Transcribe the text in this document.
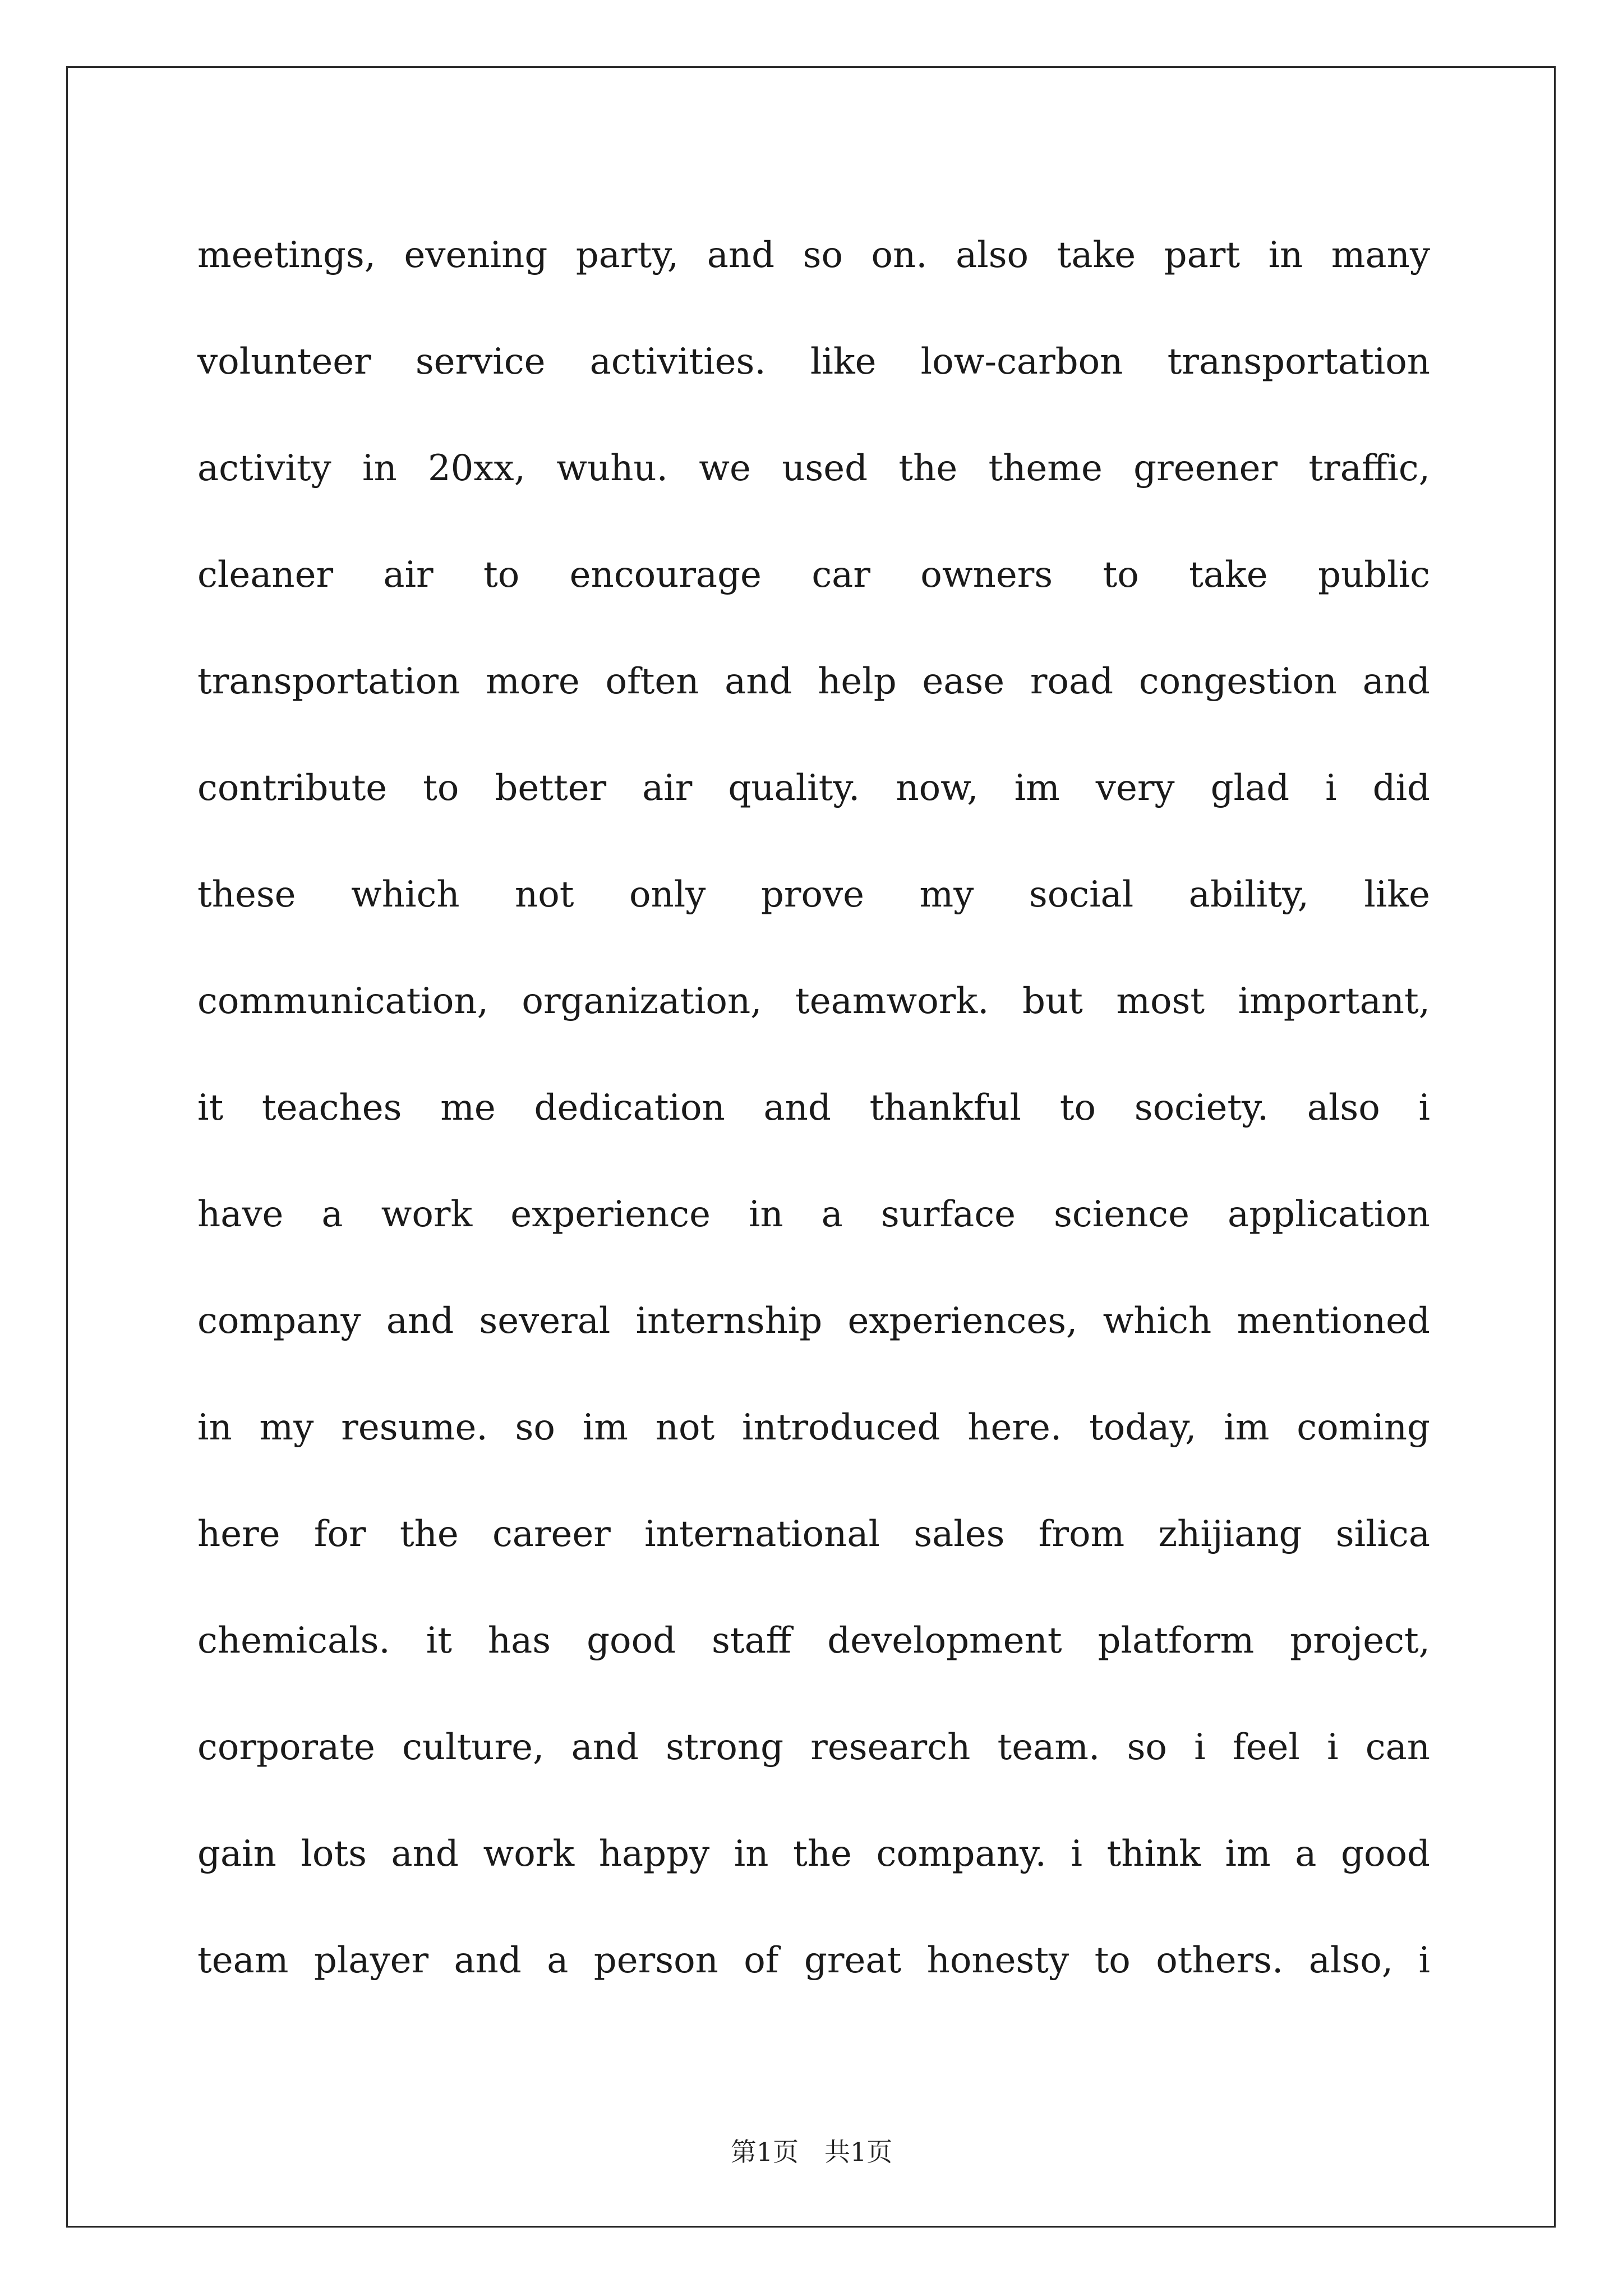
meetings, evening party, and so on. also take part in many
volunteer service activities. like low-carbon transportation
activity in 20xx, wuhu. we used the theme greener traffic,
cleaner air to encourage car owners to take public
transportation more often and help ease road congestion and
contribute to better air quality. now, im very glad i did
these which not only prove my social ability, like
communication, organization, teamwork. but most important,
it teaches me dedication and thankful to society. also i
have a work experience in a surface science application
company and several internship experiences, which mentioned
in my resume. so im not introduced here. today, im coming
here for the career international sales from zhijiang silica
chemicals. it has good staff development platform project,
corporate culture, and strong research team. so i feel i can
gain lots and work happy in the company. i think im a good
team player and a person of great honesty to others. also, i
第1页 共1页
